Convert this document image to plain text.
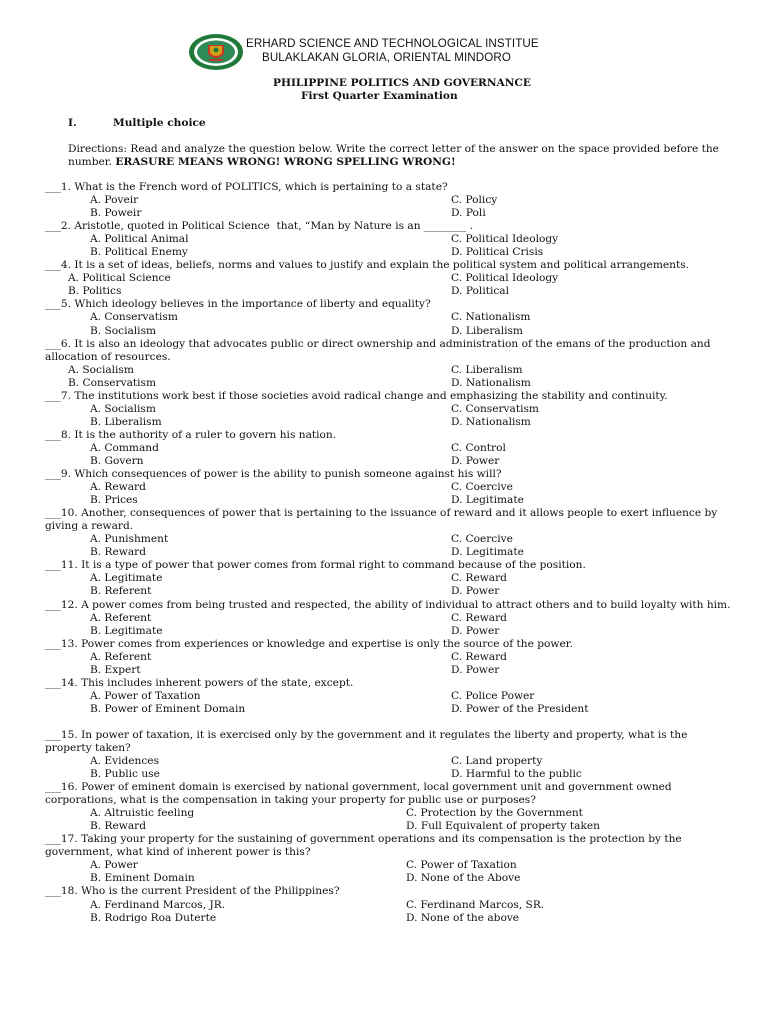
ERHARD SCIENCE AND TECHNOLOGICAL INSTITUE
BULAKLAKAN GLORIA, ORIENTAL MINDORO
PHILIPPINE POLITICS AND GOVERNANCE
First Quarter Examination
I.	Multiple choice
Directions: Read and analyze the question below. Write the correct letter of the answer on the space provided before the number. ERASURE MEANS WRONG! WRONG SPELLING WRONG!
___1. What is the French word of POLITICS, which is pertaining to a state?
A. Poveir	C. Policy
B. Poweir	D. Poli
___2. Aristotle, quoted in Political Science  that, “Man by Nature is an ________ .
A. Political Animal	C. Political Ideology
B. Political Enemy	D. Political Crisis
___4. It is a set of ideas, beliefs, norms and values to justify and explain the political system and political arrangements.
A. Political Science	C. Political Ideology
B. Politics	D. Political
___5. Which ideology believes in the importance of liberty and equality?
A. Conservatism	C. Nationalism
B. Socialism	D. Liberalism
___6. It is also an ideology that advocates public or direct ownership and administration of the emans of the production and allocation of resources.
A. Socialism	C. Liberalism
B. Conservatism	D. Nationalism
___7. The institutions work best if those societies avoid radical change and emphasizing the stability and continuity.
A. Socialism	C. Conservatism
B. Liberalism	D. Nationalism
___8. It is the authority of a ruler to govern his nation.
A. Command	C. Control
B. Govern	D. Power
___9. Which consequences of power is the ability to punish someone against his will?
A. Reward	C. Coercive
B. Prices	D. Legitimate
___10. Another, consequences of power that is pertaining to the issuance of reward and it allows people to exert influence by giving a reward.
A. Punishment	C. Coercive
B. Reward	D. Legitimate
___11. It is a type of power that power comes from formal right to command because of the position.
A. Legitimate	C. Reward
B. Referent	D. Power
___12. A power comes from being trusted and respected, the ability of individual to attract others and to build loyalty with him.
A. Referent	C. Reward
B. Legitimate	D. Power
___13. Power comes from experiences or knowledge and expertise is only the source of the power.
A. Referent	C. Reward
B. Expert	D. Power
___14. This includes inherent powers of the state, except.
A. Power of Taxation	C. Police Power
B. Power of Eminent Domain	D. Power of the President
___15. In power of taxation, it is exercised only by the government and it regulates the liberty and property, what is the property taken?
A. Evidences	C. Land property
B. Public use	D. Harmful to the public
___16. Power of eminent domain is exercised by national government, local government unit and government owned corporations, what is the compensation in taking your property for public use or purposes?
A. Altruistic feeling	C. Protection by the Government
B. Reward	D. Full Equivalent of property taken
___17. Taking your property for the sustaining of government operations and its compensation is the protection by the government, what kind of inherent power is this?
A. Power	C. Power of Taxation
B. Eminent Domain	D. None of the Above
___18. Who is the current President of the Philippines?
A. Ferdinand Marcos, JR.	C. Ferdinand Marcos, SR.
B. Rodrigo Roa Duterte	D. None of the above
